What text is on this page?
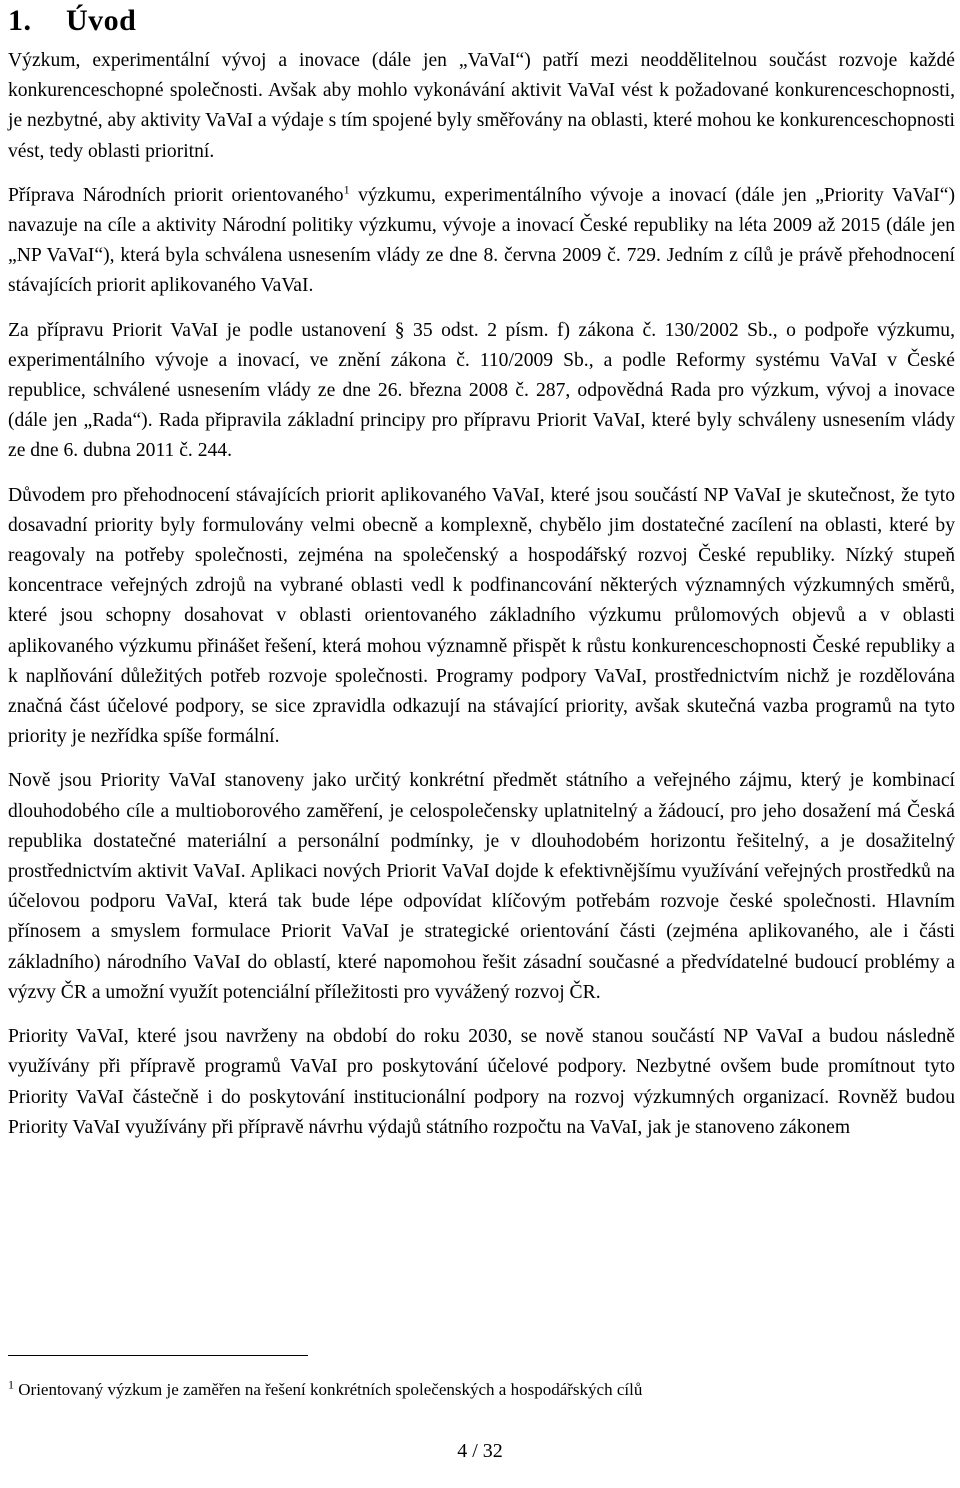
1. Úvod

Výzkum, experimentální vývoj a inovace (dále jen „VaVaI“) patří mezi neoddělitelnou součást rozvoje každé konkurenceschopné společnosti. Avšak aby mohlo vykonávání aktivit VaVaI vést k požadované konkurenceschopnosti, je nezbytné, aby aktivity VaVaI a výdaje s tím spojené byly směřovány na oblasti, které mohou ke konkurenceschopnosti vést, tedy oblasti prioritní.

Příprava Národních priorit orientovaného$^1$ výzkumu, experimentálního vývoje a inovací (dále jen „Priority VaVaI“) navazuje na cíle a aktivity Národní politiky výzkumu, vývoje a inovací České republiky na léta 2009 až 2015 (dále jen „NP VaVaI“), která byla schválena usnesením vlády ze dne 8. června 2009 č. 729. Jedním z cílů je právě přehodnocení stávajících priorit aplikovaného VaVaI.

Za přípravu Priorit VaVaI je podle ustanovení § 35 odst. 2 písm. f) zákona č. 130/2002 Sb., o podpoře výzkumu, experimentálního vývoje a inovací, ve znění zákona č. 110/2009 Sb., a podle Reformy systému VaVaI v České republice, schválené usnesením vlády ze dne 26. března 2008 č. 287, odpovědná Rada pro výzkum, vývoj a inovace (dále jen „Rada“). Rada připravila základní principy pro přípravu Priorit VaVaI, které byly schváleny usnesením vlády ze dne 6. dubna 2011 č. 244.

Důvodem pro přehodnocení stávajících priorit aplikovaného VaVaI, které jsou součástí NP VaVaI je skutečnost, že tyto dosavadní priority byly formulovány velmi obecně a komplexně, chybělo jim dostatečné zacílení na oblasti, které by reagovaly na potřeby společnosti, zejména na společenský a hospodářský rozvoj České republiky. Nízký stupeň koncentrace veřejných zdrojů na vybrané oblasti vedl k podfinancování některých významných výzkumných směrů, které jsou schopny dosahovat v oblasti orientovaného základního výzkumu průlomových objevů a v oblasti aplikovaného výzkumu přinášet řešení, která mohou významně přispět k růstu konkurenceschopnosti České republiky a k naplňování důležitých potřeb rozvoje společnosti. Programy podpory VaVaI, prostřednictvím nichž je rozdělována značná část účelové podpory, se sice zpravidla odkazují na stávající priority, avšak skutečná vazba programů na tyto priority je nezřídka spíše formální.

Nově jsou Priority VaVaI stanoveny jako určitý konkrétní předmět státního a veřejného zájmu, který je kombinací dlouhodobého cíle a multioborového zaměření, je celospolečensky uplatnitelný a žádoucí, pro jeho dosažení má Česká republika dostatečné materiální a personální podmínky, je v dlouhodobém horizontu řešitelný, a je dosažitelný prostřednictvím aktivit VaVaI. Aplikaci nových Priorit VaVaI dojde k efektivnějšímu využívání veřejných prostředků na účelovou podporu VaVaI, která tak bude lépe odpovídat klíčovým potřebám rozvoje české společnosti. Hlavním přínosem a smyslem formulace Priorit VaVaI je strategické orientování části (zejména aplikovaného, ale i části základního) národního VaVaI do oblastí, které napomohou řešit zásadní současné a předvídatelné budoucí problémy a výzvy ČR a umožní využít potenciální příležitosti pro vyvážený rozvoj ČR.

Priority VaVaI, které jsou navrženy na období do roku 2030, se nově stanou součástí NP VaVaI a budou následně využívány při přípravě programů VaVaI pro poskytování účelové podpory. Nezbytné ovšem bude promítnout tyto Priority VaVaI částečně i do poskytování institucionální podpory na rozvoj výzkumných organizací. Rovněž budou Priority VaVaI využívány při přípravě návrhu výdajů státního rozpočtu na VaVaI, jak je stanoveno zákonem

$^1$ Orientovaný výzkum je zaměřen na řešení konkrétních společenských a hospodářských cílů
4 / 32
